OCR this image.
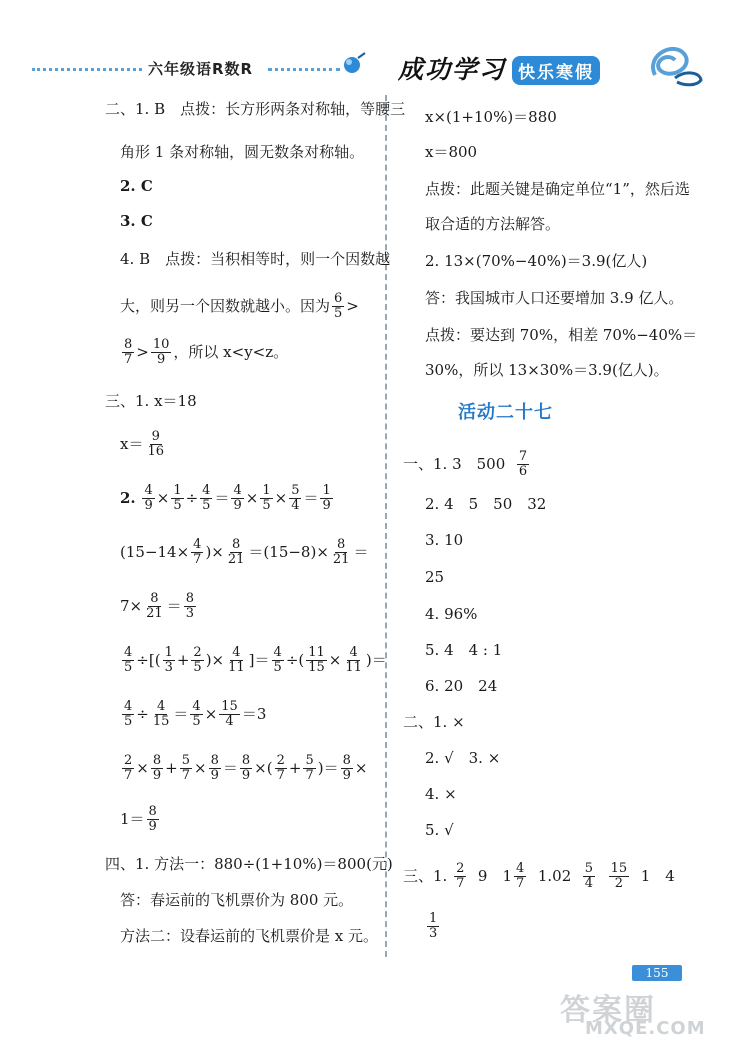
六年级语R数R	成功学习 快乐寒假
二、1. B　点拨：长方形两条对称轴，等腰三
角形 1 条对称轴，圆无数条对称轴。
2. C
3. C
4. B　点拨：当积相等时，则一个因数越
大，则另一个因数就越小。因为 $\frac{6}{5}$ >
$\frac{8}{7} > \frac{10}{9}$ ，所以 x<y<z。
三、1. x＝18
$x= \frac{9}{16}$
2.
$\frac{4}{9} \times \frac{1}{5} \div \frac{4}{5} = \frac{4}{9} \times \frac{1}{5} \times \frac{5}{4} = \frac{1}{9}$
($15-14\times \frac{4}{7}$ )× $\frac{8}{21} =(15-8)\times \frac{8}{21}$ ＝
$7\times \frac{8}{21} = \frac{8}{3}$
$\frac{4}{5}$ ÷[( $\frac{1}{3} + \frac{2}{5}$ )× $\frac{4}{11}$ ]＝ $\frac{4}{5}$ ÷( $\frac{11}{15} \times \frac{4}{11}$ )＝
$\frac{4}{5} \div \frac{4}{15} = \frac{4}{5} \times \frac{15}{4} =3$
$\frac{2}{7} \times \frac{8}{9} + \frac{5}{7} \times \frac{8}{9} = \frac{8}{9}$ ×( $\frac{2}{7} + \frac{5}{7}$ )＝ $\frac{8}{9}$ ×
$1= \frac{8}{9}$
四、1. 方法一：880÷(1+10%)＝800(元)
答：春运前的飞机票价为 800 元。
方法二：设春运前的飞机票价是 x 元。
x×(1+10%)＝880
x＝800
点拨：此题关键是确定单位“1”，然后选
取合适的方法解答。
2. 13×(70%−40%)＝3.9(亿人)
答：我国城市人口还要增加 3.9 亿人。
点拨：要达到 70%，相差 70%−40%＝
30%，所以 13×30%＝3.9(亿人)。
活动二十七
一、1. 3　500
$\frac{7}{6}$
2. 4　5　50　32
3. 10
25
4. 96%
5. 4　4 : 1
6. 20　24
二、1. ×
2. √　3. ×
4. ×
5. √
三、1.
$\frac{2}{7}$
9　$1 \frac{4}{7}$
1.02
$\frac{5}{4}$
$\frac{15}{2}$
1　4
$\frac{1}{3}$
155
答案圈
MXQE.COM
